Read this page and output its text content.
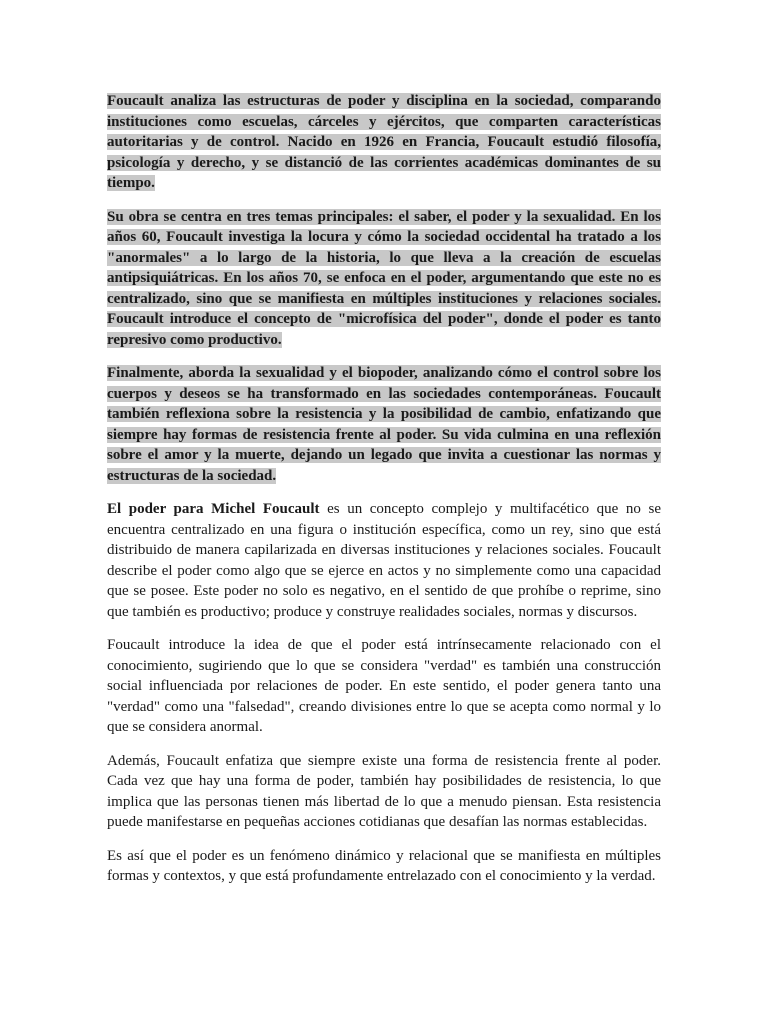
Foucault analiza las estructuras de poder y disciplina en la sociedad, comparando instituciones como escuelas, cárceles y ejércitos, que comparten características autoritarias y de control. Nacido en 1926 en Francia, Foucault estudió filosofía, psicología y derecho, y se distanció de las corrientes académicas dominantes de su tiempo.

Su obra se centra en tres temas principales: el saber, el poder y la sexualidad. En los años 60, Foucault investiga la locura y cómo la sociedad occidental ha tratado a los "anormales" a lo largo de la historia, lo que lleva a la creación de escuelas antipsiquiátricas. En los años 70, se enfoca en el poder, argumentando que este no es centralizado, sino que se manifiesta en múltiples instituciones y relaciones sociales. Foucault introduce el concepto de "microfísica del poder", donde el poder es tanto represivo como productivo.

Finalmente, aborda la sexualidad y el biopoder, analizando cómo el control sobre los cuerpos y deseos se ha transformado en las sociedades contemporáneas. Foucault también reflexiona sobre la resistencia y la posibilidad de cambio, enfatizando que siempre hay formas de resistencia frente al poder. Su vida culmina en una reflexión sobre el amor y la muerte, dejando un legado que invita a cuestionar las normas y estructuras de la sociedad.

El poder para Michel Foucault es un concepto complejo y multifacético que no se encuentra centralizado en una figura o institución específica, como un rey, sino que está distribuido de manera capilarizada en diversas instituciones y relaciones sociales. Foucault describe el poder como algo que se ejerce en actos y no simplemente como una capacidad que se posee. Este poder no solo es negativo, en el sentido de que prohíbe o reprime, sino que también es productivo; produce y construye realidades sociales, normas y discursos.

Foucault introduce la idea de que el poder está intrínsecamente relacionado con el conocimiento, sugiriendo que lo que se considera "verdad" es también una construcción social influenciada por relaciones de poder. En este sentido, el poder genera tanto una "verdad" como una "falsedad", creando divisiones entre lo que se acepta como normal y lo que se considera anormal.

Además, Foucault enfatiza que siempre existe una forma de resistencia frente al poder. Cada vez que hay una forma de poder, también hay posibilidades de resistencia, lo que implica que las personas tienen más libertad de lo que a menudo piensan. Esta resistencia puede manifestarse en pequeñas acciones cotidianas que desafían las normas establecidas.

Es así que el poder es un fenómeno dinámico y relacional que se manifiesta en múltiples formas y contextos, y que está profundamente entrelazado con el conocimiento y la verdad.
